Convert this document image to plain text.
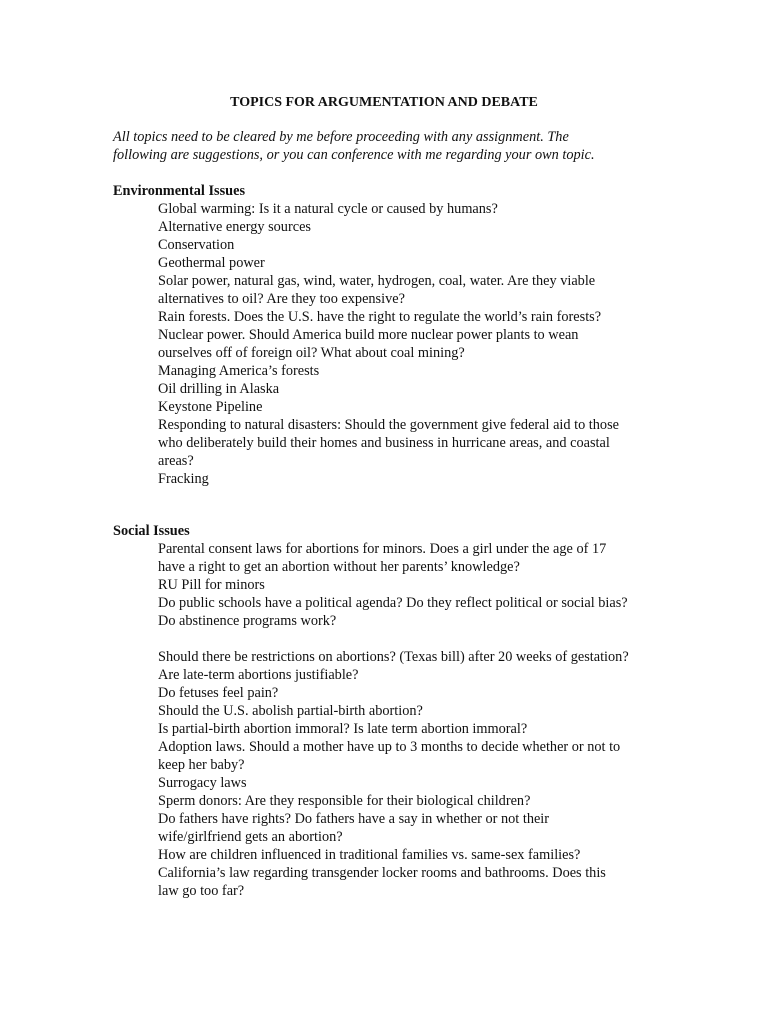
TOPICS FOR ARGUMENTATION AND DEBATE
All topics need to be cleared by me before proceeding with any assignment. The
following are suggestions, or you can conference with me regarding your own topic.
Environmental Issues
Global warming: Is it a natural cycle or caused by humans?
Alternative energy sources
Conservation
Geothermal power
Solar power, natural gas, wind, water, hydrogen, coal, water. Are they viable
alternatives to oil? Are they too expensive?
Rain forests. Does the U.S. have the right to regulate the world’s rain forests?
Nuclear power. Should America build more nuclear power plants to wean
ourselves off of foreign oil? What about coal mining?
Managing America’s forests
Oil drilling in Alaska
Keystone Pipeline
Responding to natural disasters: Should the government give federal aid to those
who deliberately build their homes and business in hurricane areas, and coastal
areas?
Fracking
Social Issues
Parental consent laws for abortions for minors. Does a girl under the age of 17
have a right to get an abortion without her parents’ knowledge?
RU Pill for minors
Do public schools have a political agenda? Do they reflect political or social bias?
Do abstinence programs work?
Should there be restrictions on abortions? (Texas bill) after 20 weeks of gestation?
Are late-term abortions justifiable?
Do fetuses feel pain?
Should the U.S. abolish partial-birth abortion?
Is partial-birth abortion immoral? Is late term abortion immoral?
Adoption laws. Should a mother have up to 3 months to decide whether or not to
keep her baby?
Surrogacy laws
Sperm donors: Are they responsible for their biological children?
Do fathers have rights? Do fathers have a say in whether or not their
wife/girlfriend gets an abortion?
How are children influenced in traditional families vs. same-sex families?
California’s law regarding transgender locker rooms and bathrooms. Does this
law go too far?
